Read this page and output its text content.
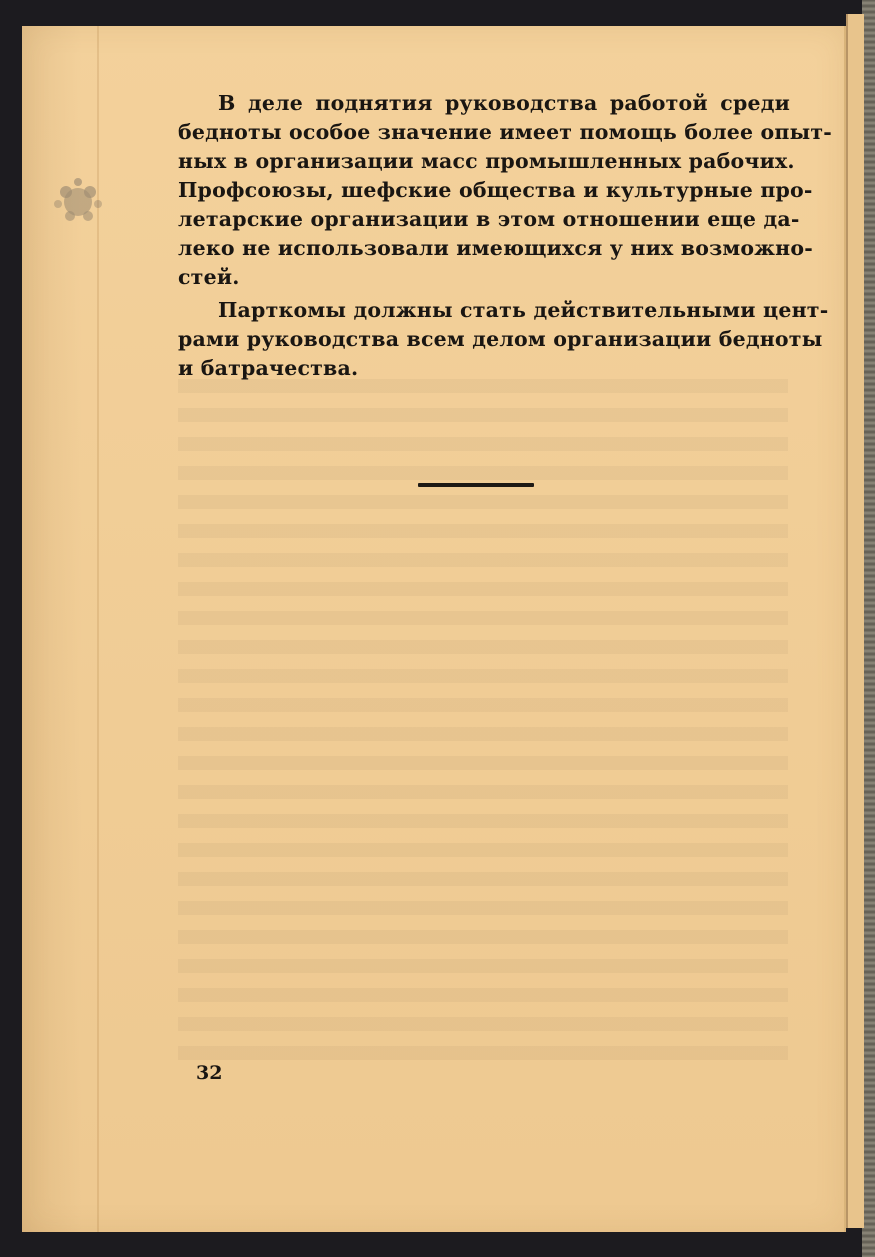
В деле поднятия руководства работой среди
бедноты особое значение имеет помощь более опыт-
ных в организации масс промышленных рабочих.
Профсоюзы, шефские общества и культурные про-
летарские организации в этом отношении еще да-
леко не использовали имеющихся у них возможно-
стей.
Парткомы должны стать действительными цент-
рами руководства всем делом организации бедноты
и батрачества.
32
